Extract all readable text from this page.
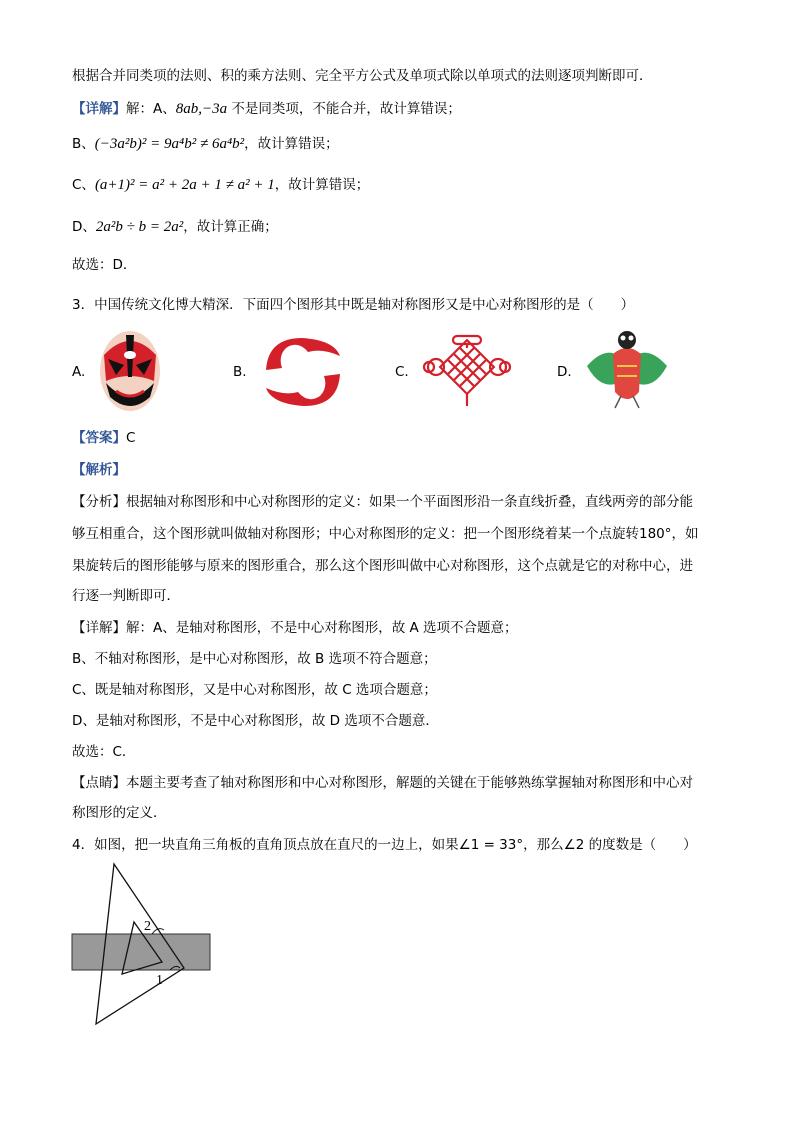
根据合并同类项的法则、积的乘方法则、完全平方公式及单项式除以单项式的法则逐项判断即可．
【详解】解：A、8ab,−3a 不是同类项，不能合并，故计算错误；
B、(−3a²b)² = 9a⁴b² ≠ 6a⁴b²，故计算错误；
C、(a+1)² = a² + 2a + 1 ≠ a² + 1，故计算错误；
D、2a²b ÷ b = 2a²，故计算正确；
故选：D．
3．中国传统文化博大精深．下面四个图形其中既是轴对称图形又是中心对称图形的是（　　）
A.	B.	C.	D.
【答案】C
【解析】
【分析】根据轴对称图形和中心对称图形的定义：如果一个平面图形沿一条直线折叠，直线两旁的部分能
够互相重合，这个图形就叫做轴对称图形；中心对称图形的定义：把一个图形绕着某一个点旋转180°，如
果旋转后的图形能够与原来的图形重合，那么这个图形叫做中心对称图形，这个点就是它的对称中心，进
行逐一判断即可．
【详解】解：A、是轴对称图形，不是中心对称图形，故 A 选项不合题意；
B、不轴对称图形，是中心对称图形，故 B 选项不符合题意；
C、既是轴对称图形，又是中心对称图形，故 C 选项合题意；
D、是轴对称图形，不是中心对称图形，故 D 选项不合题意．
故选：C．
【点睛】本题主要考查了轴对称图形和中心对称图形，解题的关键在于能够熟练掌握轴对称图形和中心对
称图形的定义．
4．如图，把一块直角三角板的直角顶点放在直尺的一边上，如果∠1 = 33°，那么∠2 的度数是（　　）
2
1
